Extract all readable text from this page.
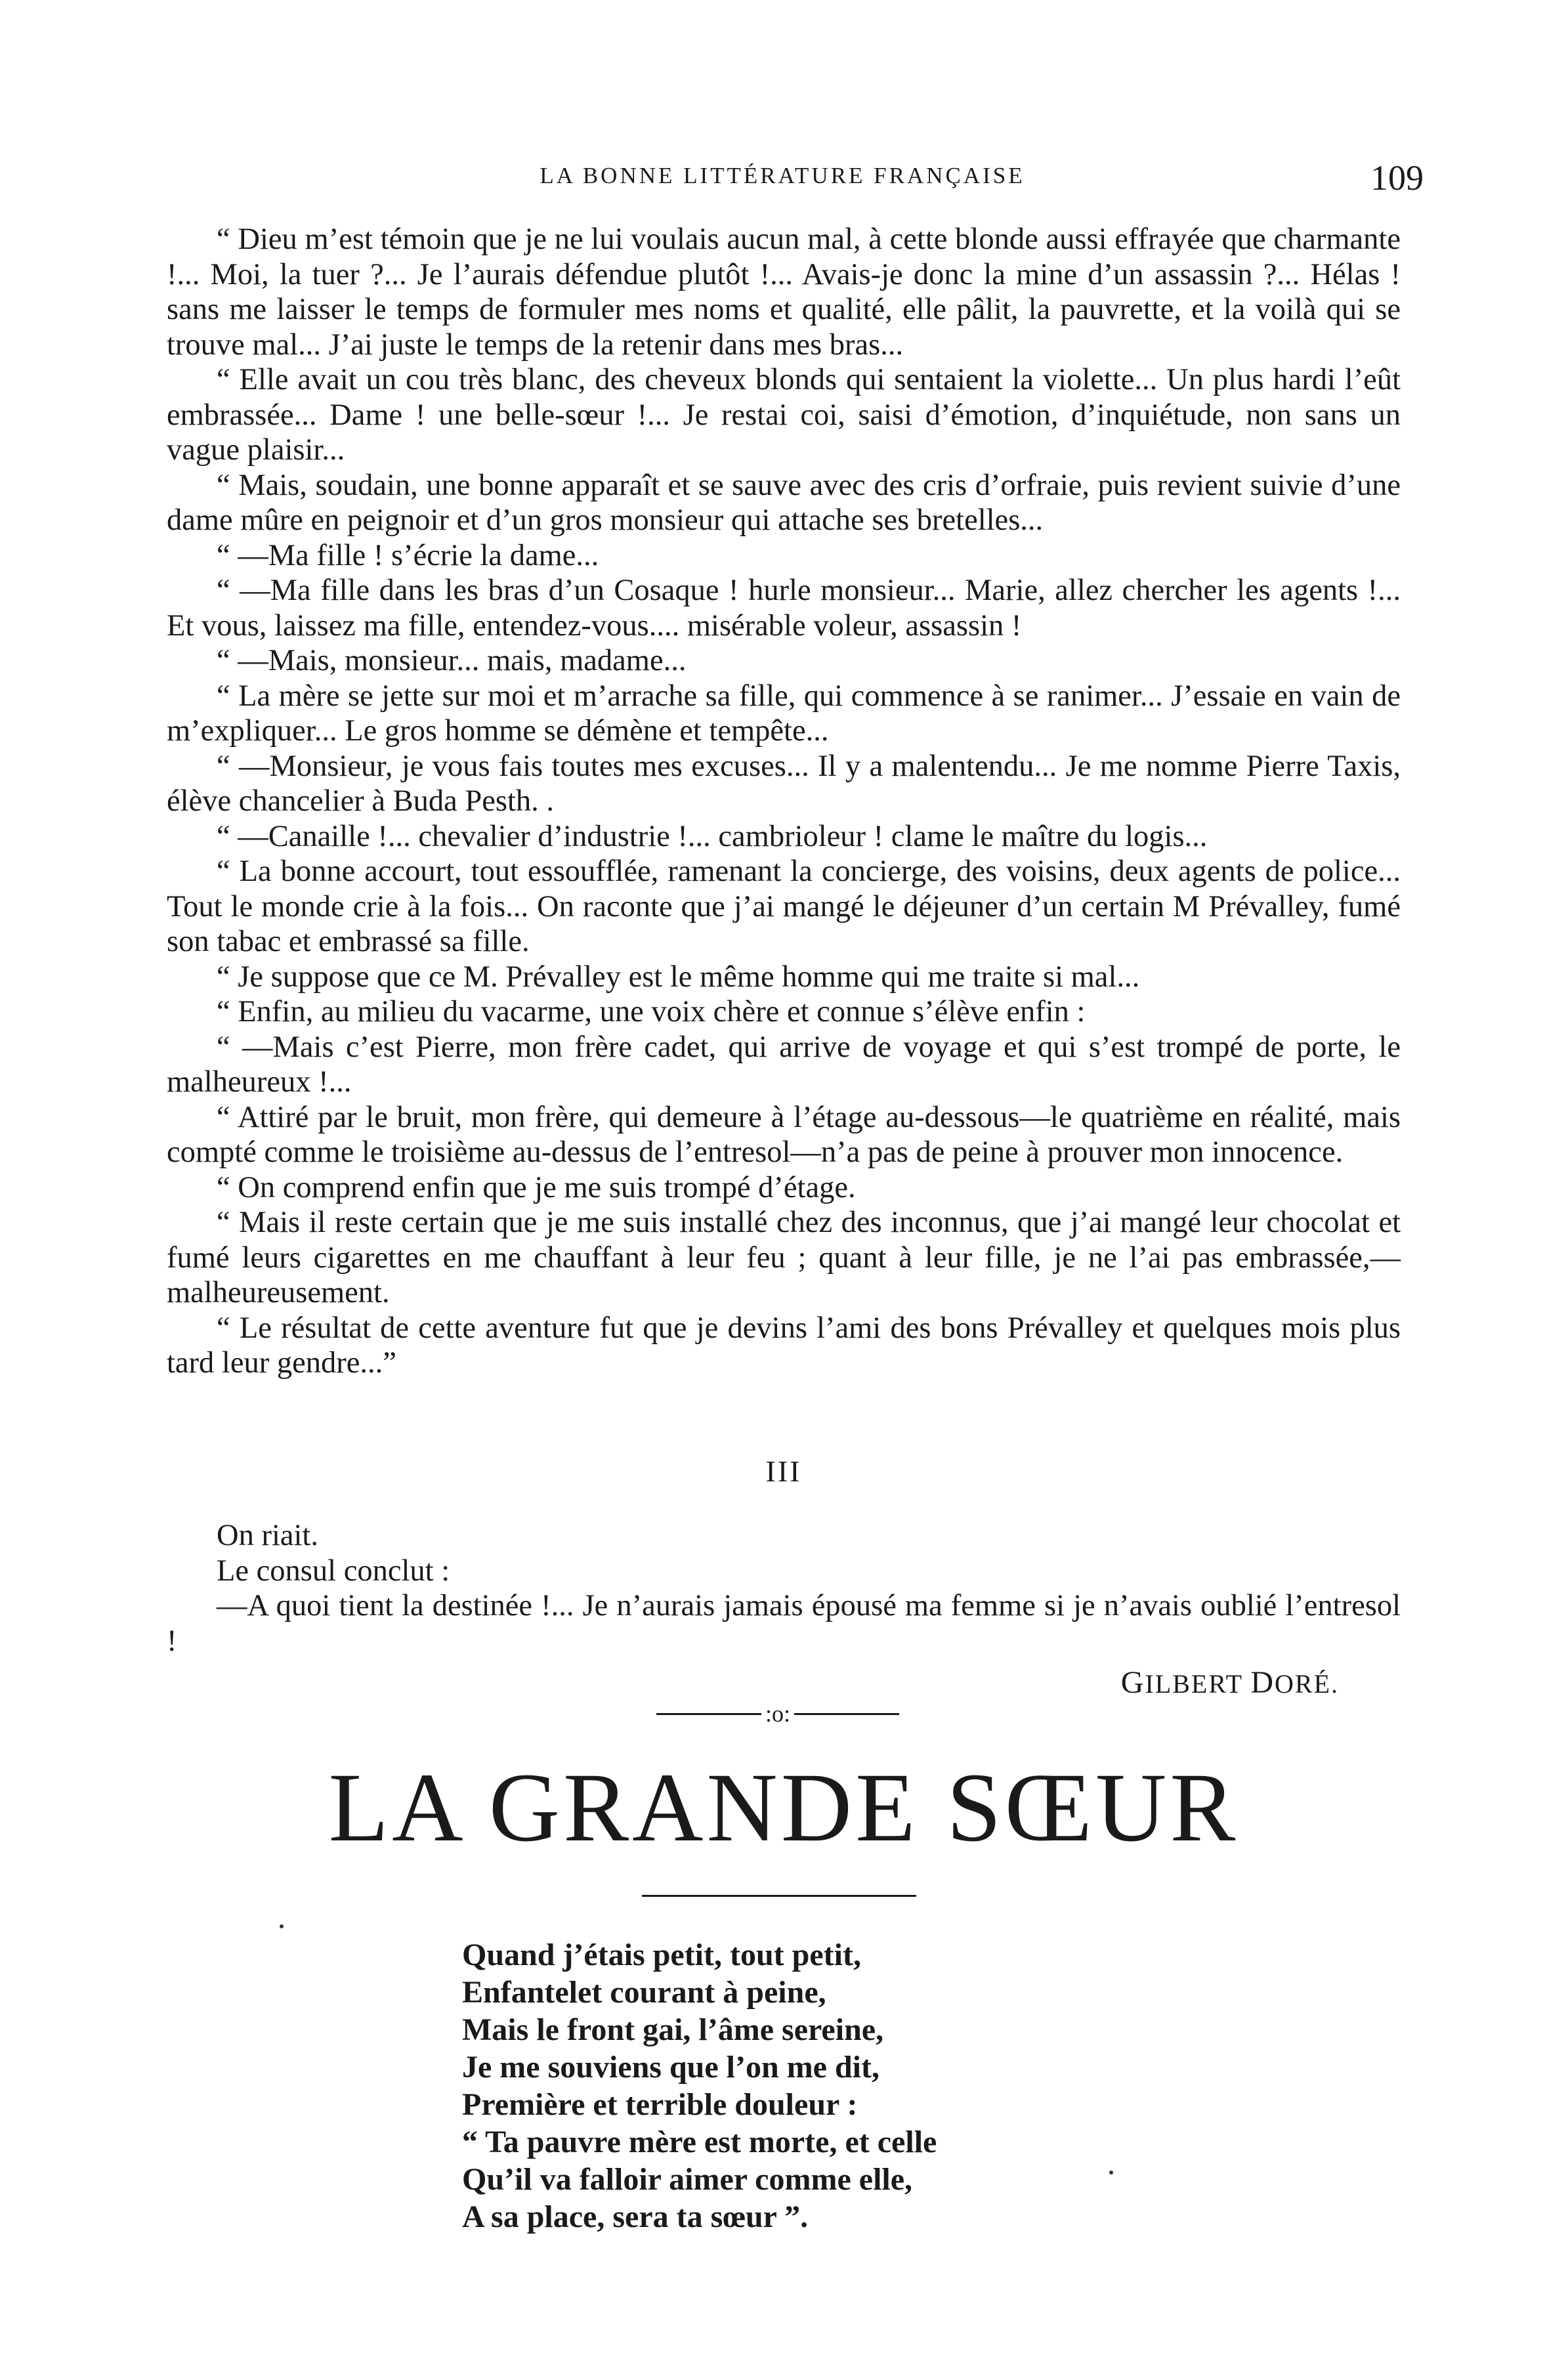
LA BONNE LITTÉRATURE FRANÇAISE	109

“ Dieu m’est témoin que je ne lui voulais aucun mal, à cette blonde aussi effrayée que charmante !... Moi, la tuer ?... Je l’aurais défendue plutôt !... Avais-je donc la mine d’un assassin ?... Hélas ! sans me laisser le temps de formuler mes noms et qualité, elle pâlit, la pauvrette, et la voilà qui se trouve mal... J’ai juste le temps de la retenir dans mes bras...

“ Elle avait un cou très blanc, des cheveux blonds qui sentaient la violette... Un plus hardi l’eût embrassée... Dame ! une belle-sœur !... Je restai coi, saisi d’émotion, d’inquiétude, non sans un vague plaisir...

“ Mais, soudain, une bonne apparaît et se sauve avec des cris d’orfraie, puis revient suivie d’une dame mûre en peignoir et d’un gros monsieur qui attache ses bretelles...

“ —Ma fille ! s’écrie la dame...

“ —Ma fille dans les bras d’un Cosaque ! hurle monsieur... Marie, allez chercher les agents !... Et vous, laissez ma fille, entendez-vous.... misérable voleur, assassin !

“ —Mais, monsieur... mais, madame...

“ La mère se jette sur moi et m’arrache sa fille, qui commence à se ranimer... J’essaie en vain de m’expliquer... Le gros homme se démène et tempête...

“ —Monsieur, je vous fais toutes mes excuses... Il y a malentendu... Je me nomme Pierre Taxis, élève chancelier à Buda Pesth. .

“ —Canaille !... chevalier d’industrie !... cambrioleur ! clame le maître du logis...

“ La bonne accourt, tout essoufflée, ramenant la concierge, des voisins, deux agents de police... Tout le monde crie à la fois... On raconte que j’ai mangé le déjeuner d’un certain M Prévalley, fumé son tabac et embrassé sa fille.

“ Je suppose que ce M. Prévalley est le même homme qui me traite si mal...

“ Enfin, au milieu du vacarme, une voix chère et connue s’élève enfin :

“ —Mais c’est Pierre, mon frère cadet, qui arrive de voyage et qui s’est trompé de porte, le malheureux !...

“ Attiré par le bruit, mon frère, qui demeure à l’étage au-dessous—le quatrième en réalité, mais compté comme le troisième au-dessus de l’entresol—n’a pas de peine à prouver mon innocence.

“ On comprend enfin que je me suis trompé d’étage.

“ Mais il reste certain que je me suis installé chez des inconnus, que j’ai mangé leur chocolat et fumé leurs cigarettes en me chauffant à leur feu ; quant à leur fille, je ne l’ai pas embrassée,—malheureusement.

“ Le résultat de cette aventure fut que je devins l’ami des bons Prévalley et quelques mois plus tard leur gendre...”

III

On riait.

Le consul conclut :

—A quoi tient la destinée !... Je n’aurais jamais épousé ma femme si je n’avais oublié l’entresol !

GILBERT DORÉ.
:o:
LA GRANDE SŒUR
Quand j’étais petit, tout petit,
Enfantelet courant à peine,
Mais le front gai, l’âme sereine,
Je me souviens que l’on me dit,
Première et terrible douleur :
“ Ta pauvre mère est morte, et celle
Qu’il va falloir aimer comme elle,
A sa place, sera ta sœur ”.
